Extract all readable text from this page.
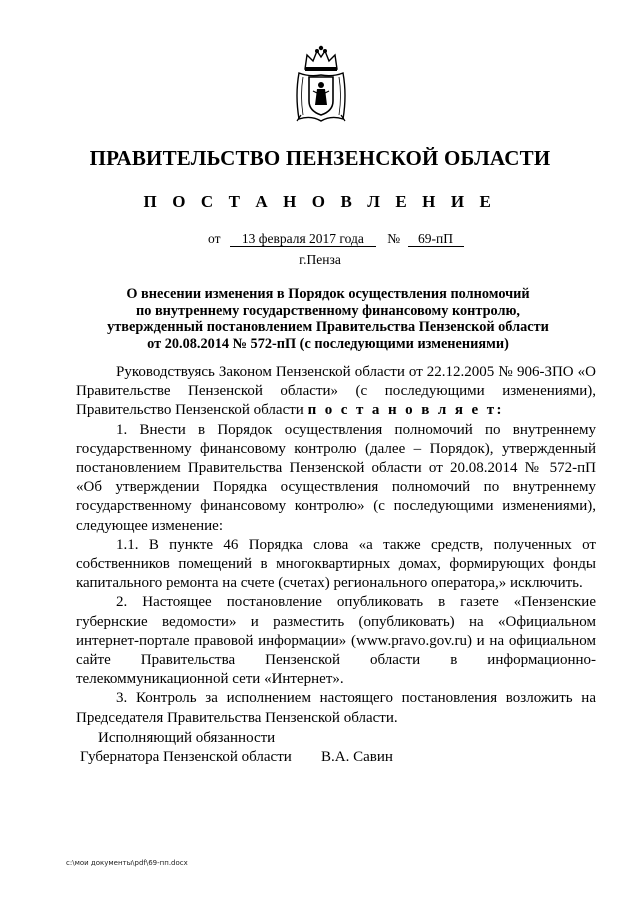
ПРАВИТЕЛЬСТВО ПЕНЗЕНСКОЙ ОБЛАСТИ
П О С Т А Н О В Л Е Н И Е
от 13 февраля 2017 года № 69-пП
г.Пенза
О внесении изменения в Порядок осуществления полномочий
по внутреннему государственному финансовому контролю,
утвержденный постановлением Правительства Пензенской области
от 20.08.2014 № 572-пП (с последующими изменениями)

Руководствуясь Законом Пензенской области от 22.12.2005 № 906-ЗПО «О Правительстве Пензенской области» (с последующими изменениями), Правительство Пензенской области п о с т а н о в л я е т:

1. Внести в Порядок осуществления полномочий по внутреннему государственному финансовому контролю (далее – Порядок), утвержденный постановлением Правительства Пензенской области от 20.08.2014 № 572-пП «Об утверждении Порядка осуществления полномочий по внутреннему государственному финансовому контролю» (с последующими изменениями), следующее изменение:

1.1. В пункте 46 Порядка слова «а также средств, полученных от собственников помещений в многоквартирных домах, формирующих фонды капитального ремонта на счете (счетах) регионального оператора,» исключить.

2. Настоящее постановление опубликовать в газете «Пензенские губернские ведомости» и разместить (опубликовать) на «Официальном интернет-портале правовой информации» (www.pravo.gov.ru) и на официальном сайте Правительства Пензенской области в информационно-телекоммуникационной сети «Интернет».

3. Контроль за исполнением настоящего постановления возложить на Председателя Правительства Пензенской области.

Исполняющий обязанности
Губернатора Пензенской области В.А. Савин
c:\мои документы\pdf\69-пп.docx
